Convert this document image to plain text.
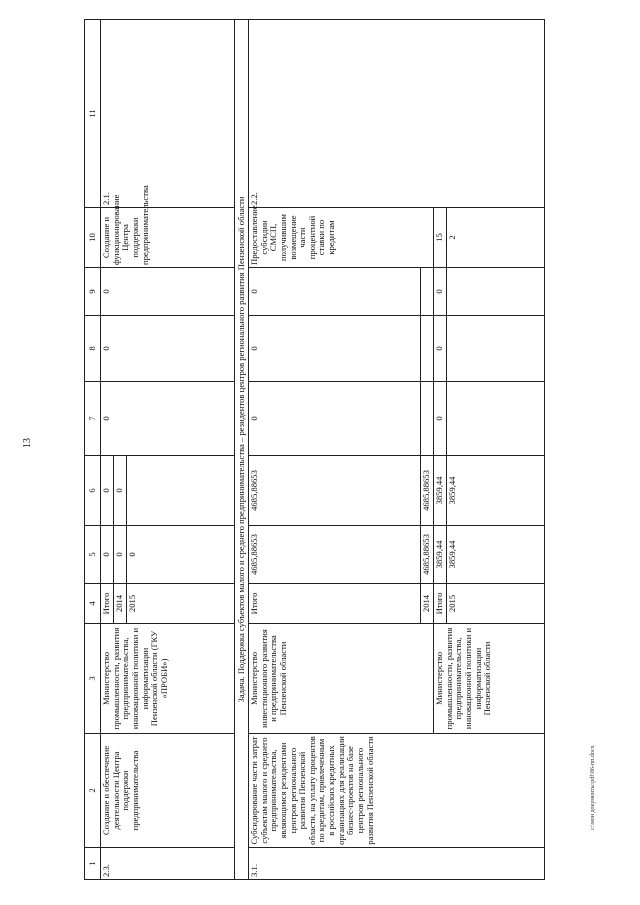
13
c:\мои документы\pdf\86-пп.docx
1	2	3	4	5	6	7	8	9	10	11
2.3.	Создание и обеспечение деятельности Центра поддержки предпринимательства	Министерство промышленности, развития предпринимательства, инновационной политики и информатизации Пензенской области (ГКУ «ПРОБИ»)	Итого	0	0	0	0	0	Создание и функционирование Центра поддержки предпринимательства	2.1.
			2014	0	0					
			2015	0						
Задача. Поддержка субъектов малого и среднего предпринимательства – резидентов центров регионального развития Пензенской области										
3.1.	Субсидирование части затрат субъектам малого и среднего предпринимательства, являющимся резидентами центров регионального развития Пензенской области, на уплату процентов по кредитам, привлеченным в российских кредитных организациях для реализации бизнес-проектов на базе центров регионального развития Пензенской области	Министерство инвестиционного развития и предпринимательства Пензенской области	Итого	4685,88653	4685,88653	0	0	0	Предоставление субсидии СМСП, получившим возмещение части процентной ставки по кредитам	2.2.
			2014	4685,88653	4685,88653					
		Министерство промышленности, развития предпринимательства, инновационной политики и информатизации Пензенской области	Итого	3859,44	3859,44	0	0	0	15	
			2015	3859,44	3859,44				2	
